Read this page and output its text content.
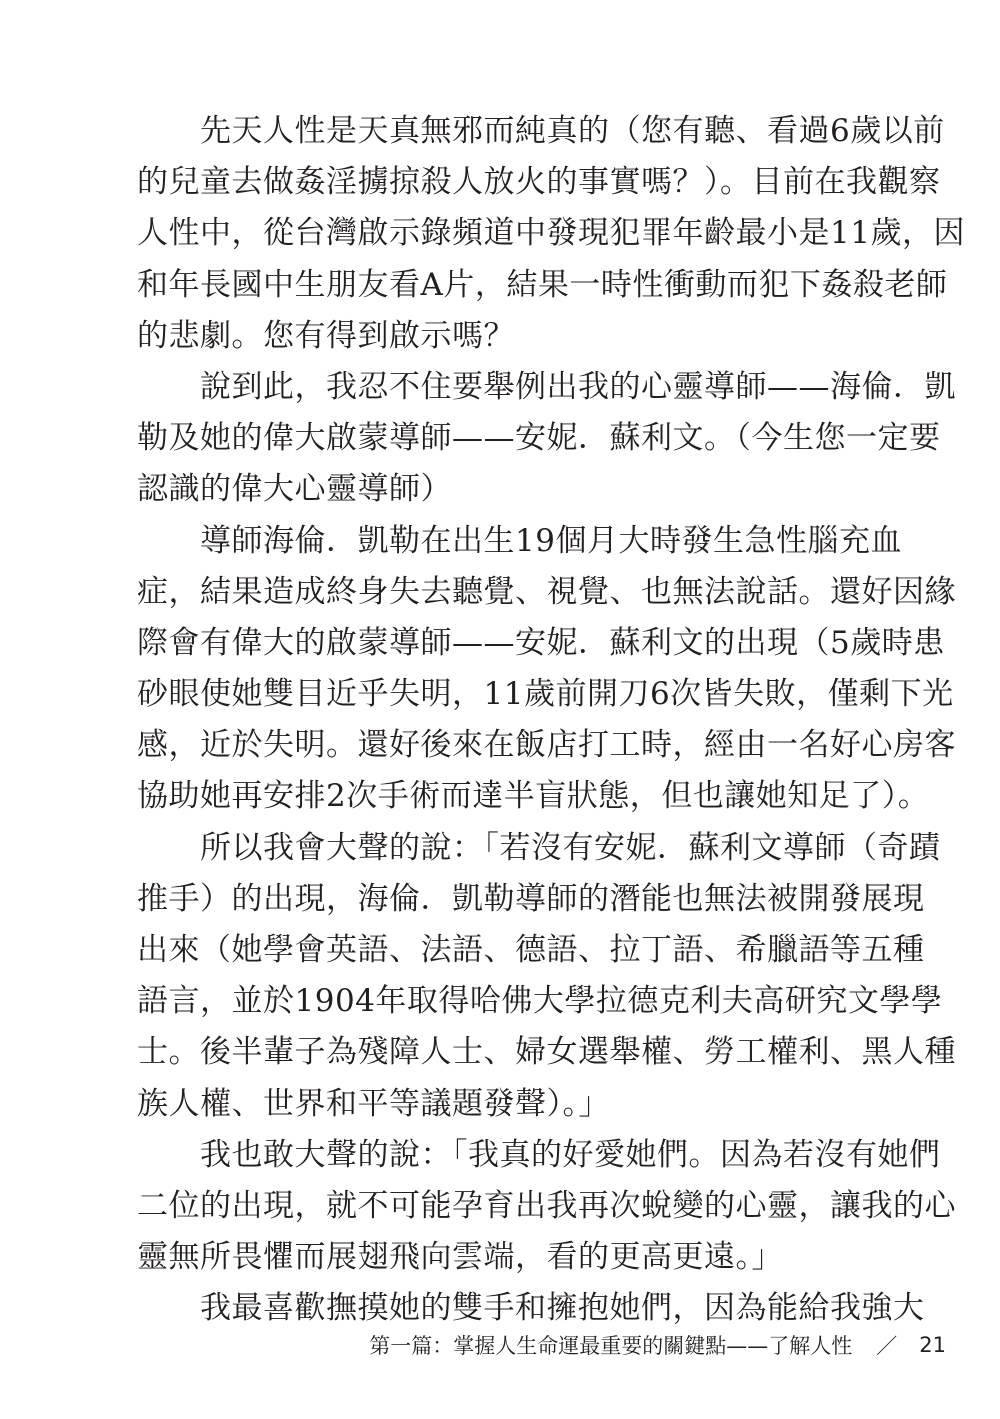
　　先天人性是天真無邪而純真的（您有聽、看過6歲以前
的兒童去做姦淫擄掠殺人放火的事實嗎？）。目前在我觀察
人性中，從台灣啟示錄頻道中發現犯罪年齡最小是11歲，因
和年長國中生朋友看A片，結果一時性衝動而犯下姦殺老師
的悲劇。您有得到啟示嗎？
　　說到此，我忍不住要舉例出我的心靈導師——海倫．凱
勒及她的偉大啟蒙導師——安妮．蘇利文。（今生您一定要
認識的偉大心靈導師）
　　導師海倫．凱勒在出生19個月大時發生急性腦充血
症，結果造成終身失去聽覺、視覺、也無法說話。還好因緣
際會有偉大的啟蒙導師——安妮．蘇利文的出現（5歲時患
砂眼使她雙目近乎失明，11歲前開刀6次皆失敗，僅剩下光
感，近於失明。還好後來在飯店打工時，經由一名好心房客
協助她再安排2次手術而達半盲狀態，但也讓她知足了）。
　　所以我會大聲的說：「若沒有安妮．蘇利文導師（奇蹟
推手）的出現，海倫．凱勒導師的潛能也無法被開發展現
出來（她學會英語、法語、德語、拉丁語、希臘語等五種
語言，並於1904年取得哈佛大學拉德克利夫高研究文學學
士。後半輩子為殘障人士、婦女選舉權、勞工權利、黑人種
族人權、世界和平等議題發聲）。」
　　我也敢大聲的說：「我真的好愛她們。因為若沒有她們
二位的出現，就不可能孕育出我再次蛻變的心靈，讓我的心
靈無所畏懼而展翅飛向雲端，看的更高更遠。」
　　我最喜歡撫摸她的雙手和擁抱她們，因為能給我強大
第一篇：掌握人生命運最重要的關鍵點——了解人性 ／ 21
